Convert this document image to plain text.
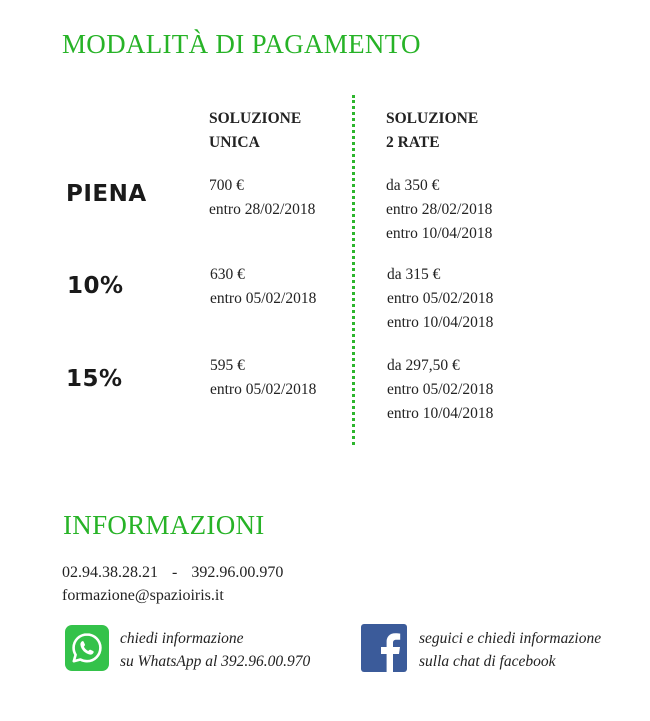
MODALITÀ DI PAGAMENTO
SOLUZIONE
UNICA
SOLUZIONE
2 RATE
PIENA	700 €
entro 28/02/2018
da 350 €
entro 28/02/2018
entro 10/04/2018
10%	630 €
entro 05/02/2018
da 315 €
entro 05/02/2018
entro 10/04/2018
15%
595 €
entro 05/02/2018
da 297,50 €
entro 05/02/2018
entro 10/04/2018
INFORMAZIONI
02.94.38.28.21 - 392.96.00.970
formazione@spazioiris.it
chiedi informazione
su WhatsApp al 392.96.00.970
seguici e chiedi informazione
sulla chat di facebook
